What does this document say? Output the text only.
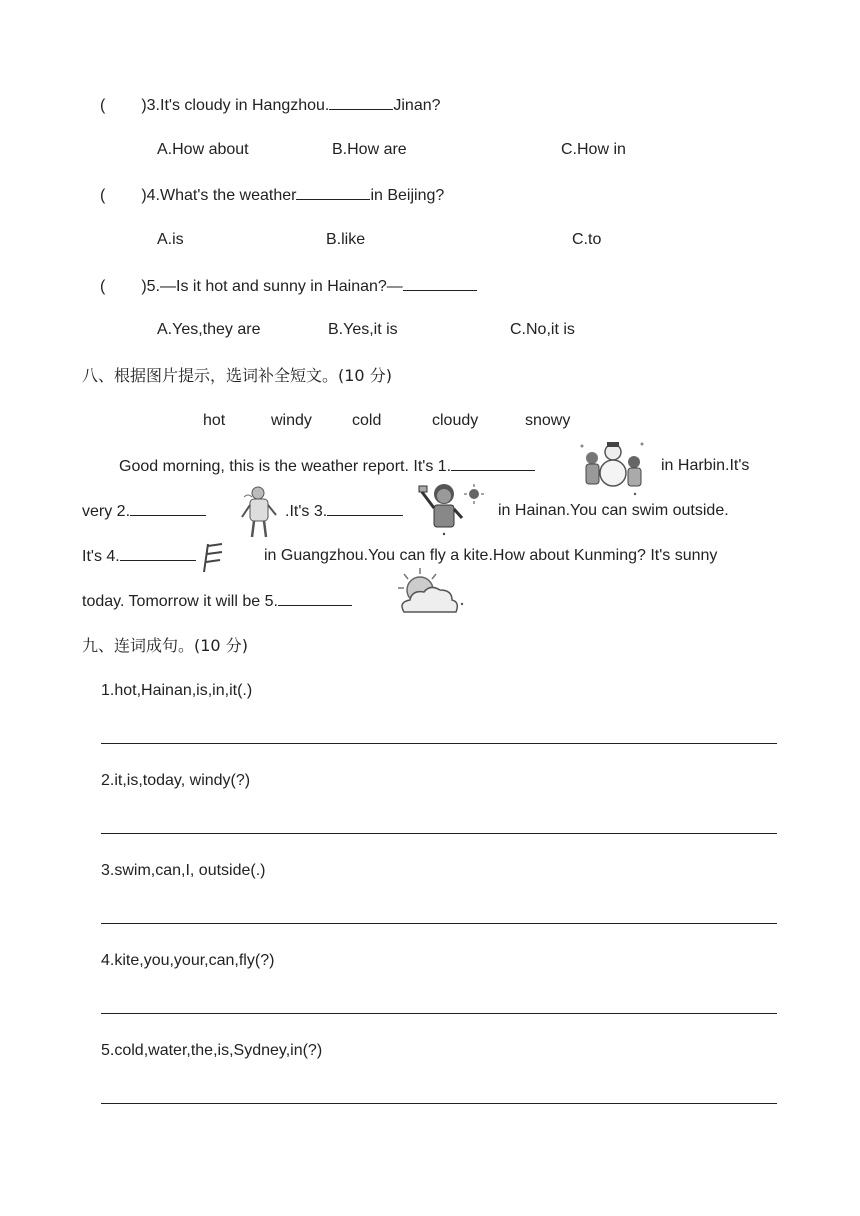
( )3.It's cloudy in Hangzhou.	Jinan?
A.How about	B.How are	C.How in
( )4.What's the weather	in Beijing?
A.is	B.like	C.to
( )5.—Is it hot and sunny in Hainan?—
A.Yes,they are	B.Yes,it is	C.No,it is
八、根据图片提示，选词补全短文。(10 分)
hot	windy	cold	cloudy	snowy
Good morning, this is the weather report. It's 1.	in Harbin.It's
very 2.	.It's 3.	in Hainan.You can swim outside.
It's 4.	in Guangzhou.You can fly a kite.How about Kunming? It's sunny
today. Tomorrow it will be 5.
九、连词成句。(10 分)
1.hot,Hainan,is,in,it(.)
2.it,is,today, windy(?)
3.swim,can,I, outside(.)
4.kite,you,your,can,fly(?)
5.cold,water,the,is,Sydney,in(?)
